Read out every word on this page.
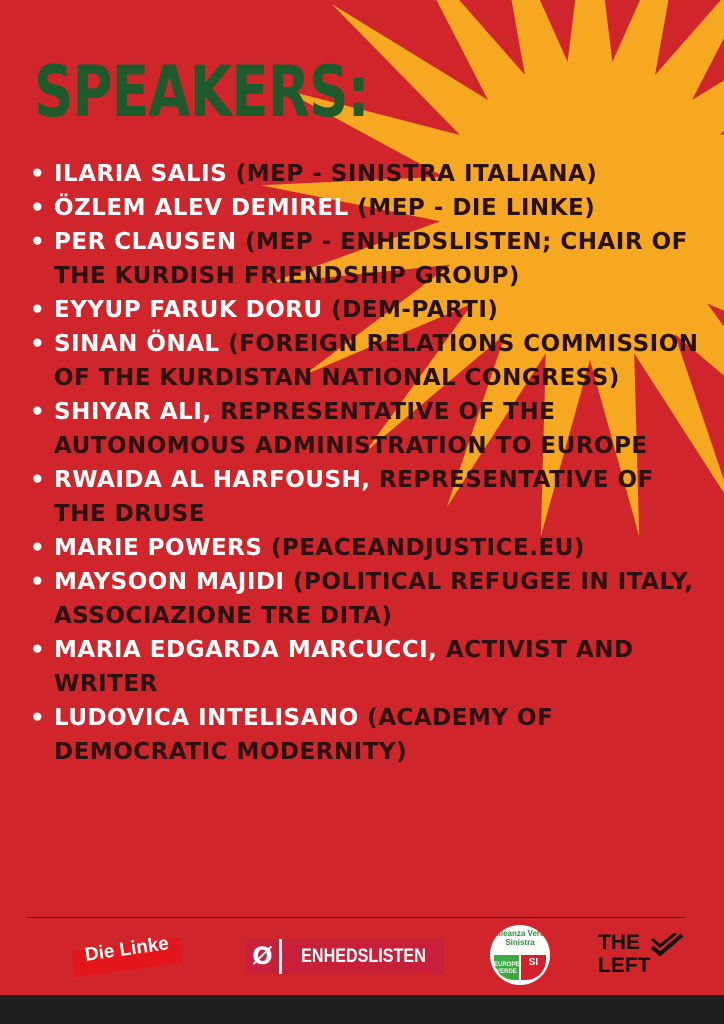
SPEAKERS:
• ILARIA SALIS (MEP - SINISTRA ITALIANA)
• ÖZLEM ALEV DEMIREL (MEP - DIE LINKE)
• PER CLAUSEN (MEP - ENHEDSLISTEN; CHAIR OF THE KURDISH FRIENDSHIP GROUP)
• EYYUP FARUK DORU (DEM-PARTI)
• SINAN ÖNAL (FOREIGN RELATIONS COMMISSION OF THE KURDISTAN NATIONAL CONGRESS)
• SHIYAR ALI, REPRESENTATIVE OF THE AUTONOMOUS ADMINISTRATION TO EUROPE
• RWAIDA AL HARFOUSH, REPRESENTATIVE OF THE DRUSE
• MARIE POWERS (PEACEANDJUSTICE.EU)
• MAYSOON MAJIDI (POLITICAL REFUGEE IN ITALY, ASSOCIAZIONE TRE DITA)
• MARIA EDGARDA MARCUCCI, ACTIVIST AND WRITER
• LUDOVICA INTELISANO (ACADEMY OF DEMOCRATIC MODERNITY)
Die Linke	Ø	ENHEDSLISTEN
Alleanza Verdi Sinistra
EUROPE VERDE
SI
THE LEFT
